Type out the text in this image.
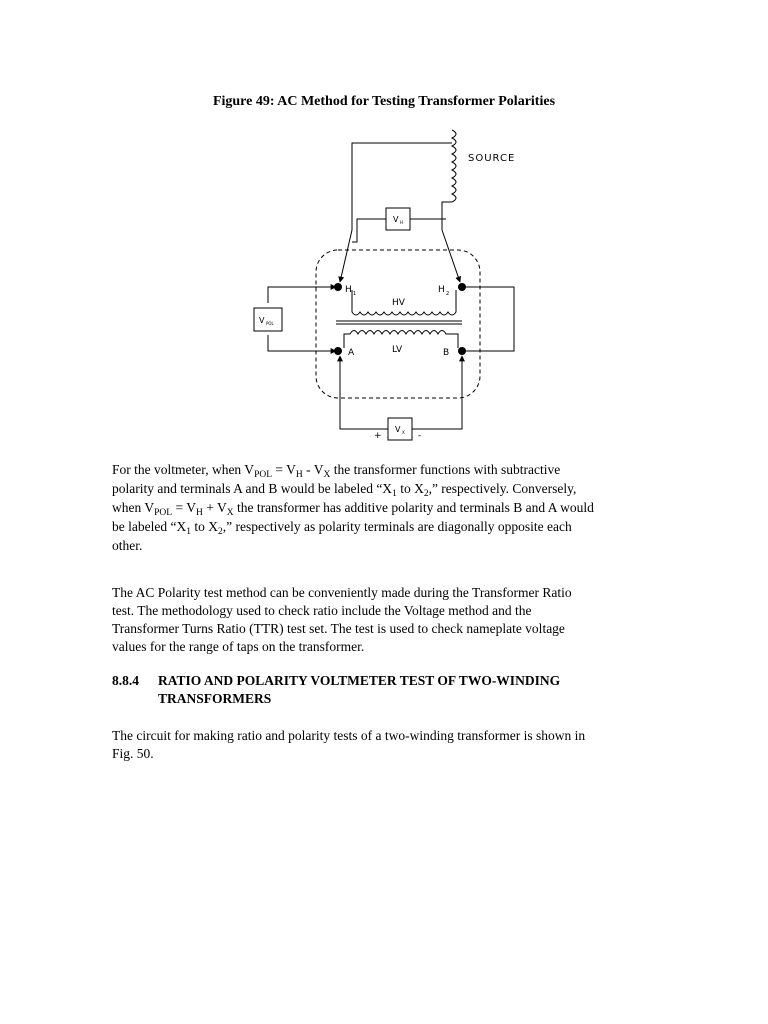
Figure 49: AC Method for Testing Transformer Polarities
SOURCE
HV
LV
H 1	H 2
A	B
V H
V POL
V X
+	-

For the voltmeter, when $V_{POL} = V_H - V_X$ the transformer functions with subtractive
polarity and terminals A and B would be labeled “$X_1$ to $X_2$,” respectively. Conversely,
when $V_{POL} = V_H + V_X$ the transformer has additive polarity and terminals B and A would
be labeled “$X_1$ to $X_2$,” respectively as polarity terminals are diagonally opposite each
other.

The AC Polarity test method can be conveniently made during the Transformer Ratio
test. The methodology used to check ratio include the Voltage method and the
Transformer Turns Ratio (TTR) test set. The test is used to check nameplate voltage
values for the range of taps on the transformer.

8.8.4 RATIO AND POLARITY VOLTMETER TEST OF TWO-WINDING
TRANSFORMERS

The circuit for making ratio and polarity tests of a two-winding transformer is shown in
Fig. 50.
